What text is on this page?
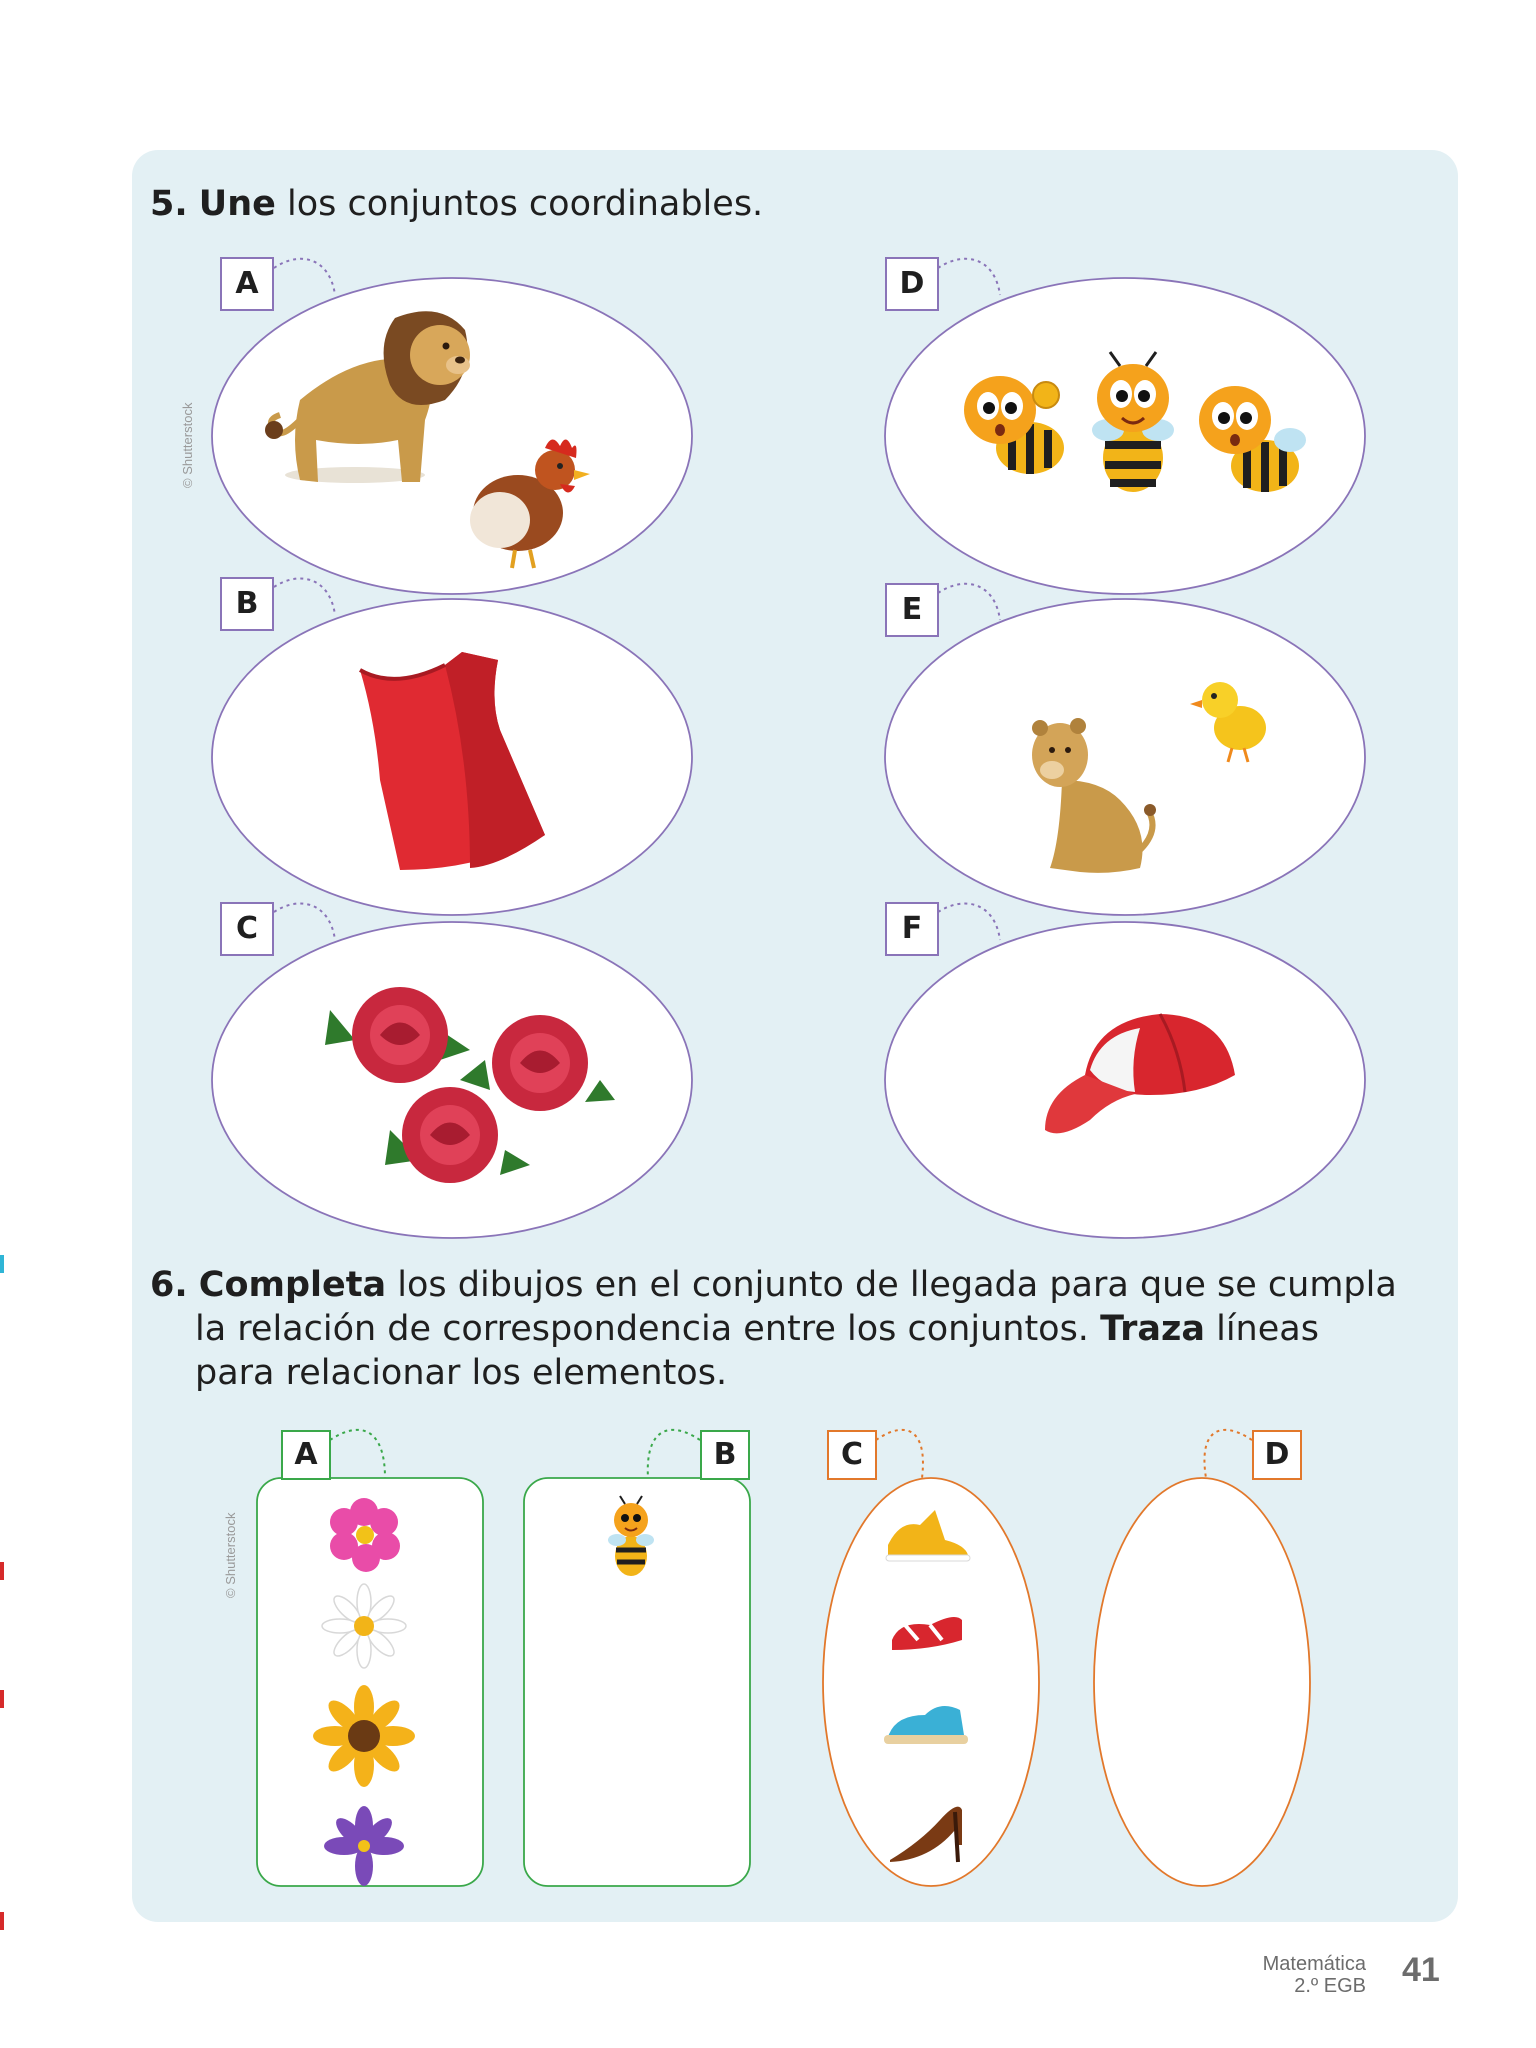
5. Une los conjuntos coordinables.
© Shutterstock
A
B
C
D
E
F
6. Completa los dibujos en el conjunto de llegada para que se cumpla
la relación de correspondencia entre los conjuntos. Traza líneas
para relacionar los elementos.
© Shutterstock
A	B	C	D
Matemática
2.º EGB 41
